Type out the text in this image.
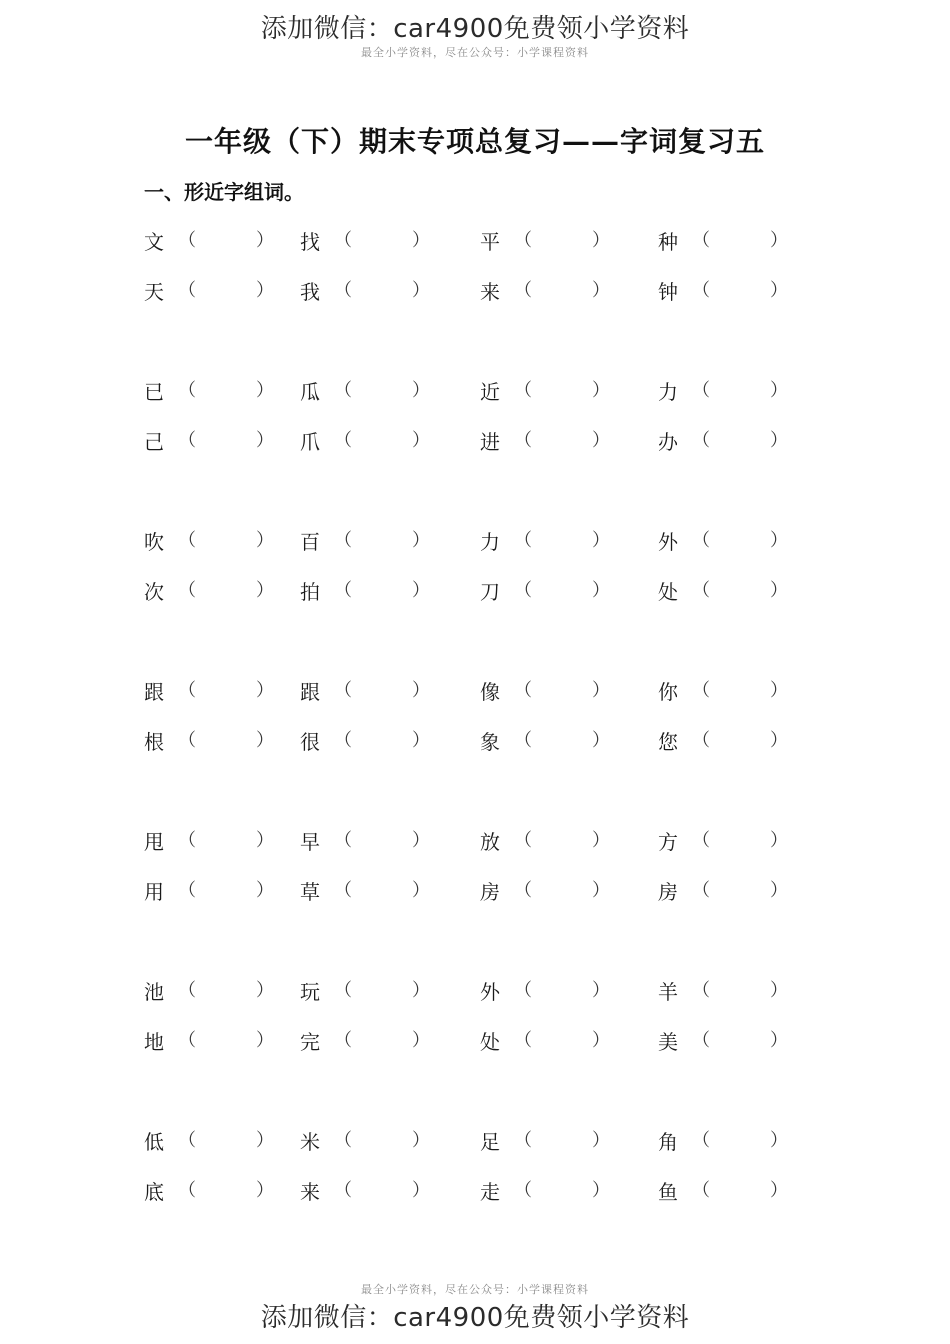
添加微信：car4900免费领小学资料
最全小学资料，尽在公众号：小学课程资料
一年级（下）期末专项总复习——字词复习五
一、形近字组词。
文 （	） 找 （	）	平 （	） 种 （	）
天 （	） 我 （	）	来 （	） 钟 （	）
已 （	） 瓜 （	）	近 （	） 力 （	）
己 （	） 爪 （	）	进 （	） 办 （	）
吹 （	） 百 （	）	力 （	） 外 （	）
次 （	） 拍 （	）	刀 （	） 处 （	）
跟 （	） 跟 （	）	像 （	） 你 （	）
根 （	） 很 （	）	象 （	） 您 （	）
甩 （	） 早 （	）	放 （	） 方 （	）
用 （	） 草 （	）	房 （	） 房 （	）
池 （	） 玩 （	）	外 （	） 羊 （	）
地 （	） 完 （	）	处 （	） 美 （	）
低 （	） 米 （	）	足 （	） 角 （	）
底 （	） 来 （	）	走 （	） 鱼 （	）
最全小学资料，尽在公众号：小学课程资料
添加微信：car4900免费领小学资料
